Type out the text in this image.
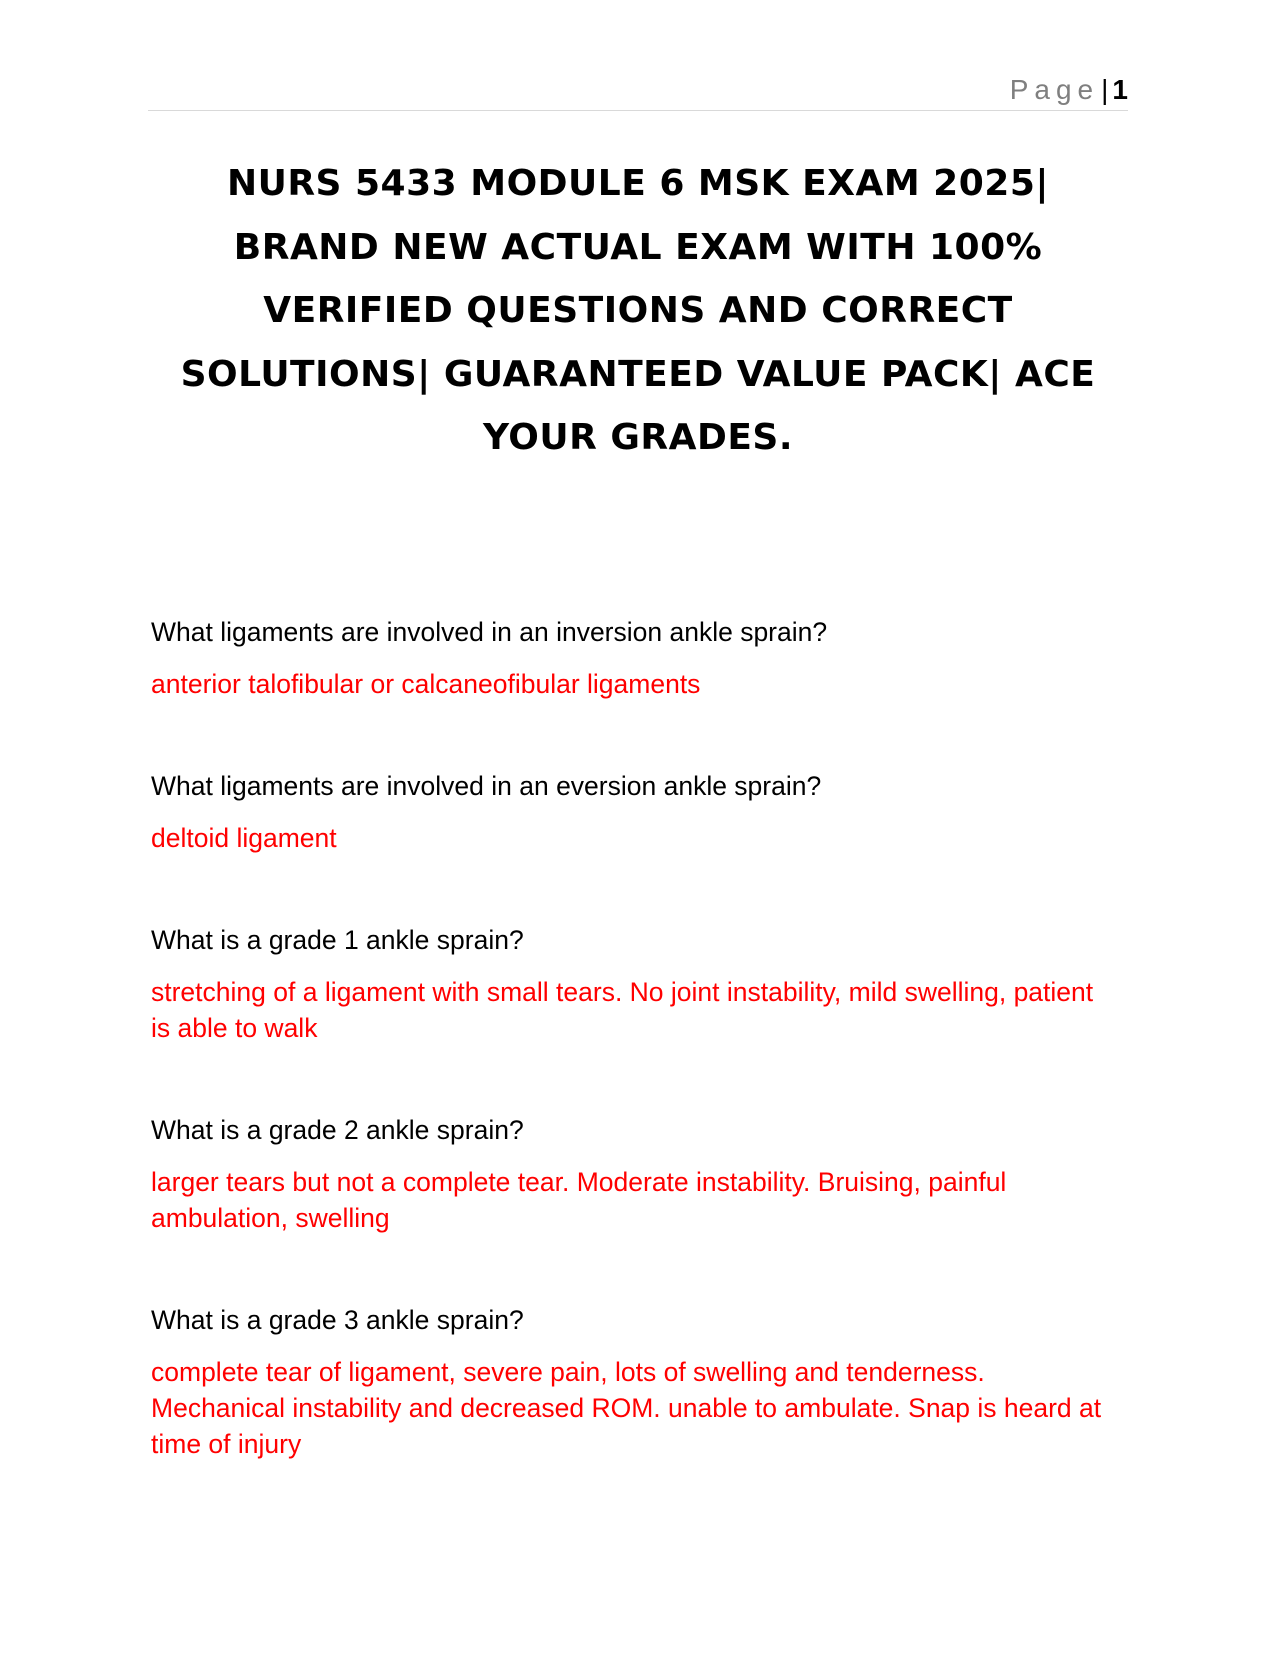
Page| 1
NURS 5433 MODULE 6 MSK EXAM 2025| BRAND NEW ACTUAL EXAM WITH 100% VERIFIED QUESTIONS AND CORRECT SOLUTIONS| GUARANTEED VALUE PACK| ACE YOUR GRADES.

What ligaments are involved in an inversion ankle sprain?

anterior talofibular or calcaneofibular ligaments

What ligaments are involved in an eversion ankle sprain?

deltoid ligament

What is a grade 1 ankle sprain?

stretching of a ligament with small tears. No joint instability, mild swelling, patient is able to walk

What is a grade 2 ankle sprain?

larger tears but not a complete tear. Moderate instability. Bruising, painful ambulation, swelling

What is a grade 3 ankle sprain?

complete tear of ligament, severe pain, lots of swelling and tenderness. Mechanical instability and decreased ROM. unable to ambulate. Snap is heard at time of injury
